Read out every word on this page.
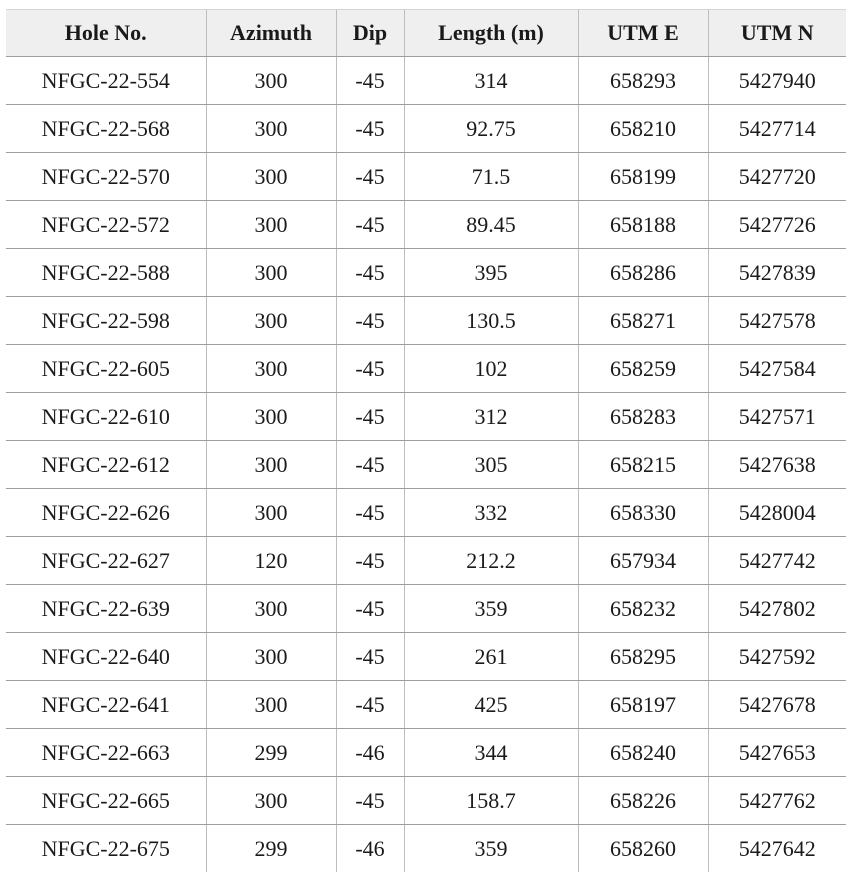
Hole No.	Azimuth	Dip	Length (m)	UTM E	UTM N
NFGC-22-554	300	-45	314	658293	5427940
NFGC-22-568	300	-45	92.75	658210	5427714
NFGC-22-570	300	-45	71.5	658199	5427720
NFGC-22-572	300	-45	89.45	658188	5427726
NFGC-22-588	300	-45	395	658286	5427839
NFGC-22-598	300	-45	130.5	658271	5427578
NFGC-22-605	300	-45	102	658259	5427584
NFGC-22-610	300	-45	312	658283	5427571
NFGC-22-612	300	-45	305	658215	5427638
NFGC-22-626	300	-45	332	658330	5428004
NFGC-22-627	120	-45	212.2	657934	5427742
NFGC-22-639	300	-45	359	658232	5427802
NFGC-22-640	300	-45	261	658295	5427592
NFGC-22-641	300	-45	425	658197	5427678
NFGC-22-663	299	-46	344	658240	5427653
NFGC-22-665	300	-45	158.7	658226	5427762
NFGC-22-675	299	-46	359	658260	5427642
